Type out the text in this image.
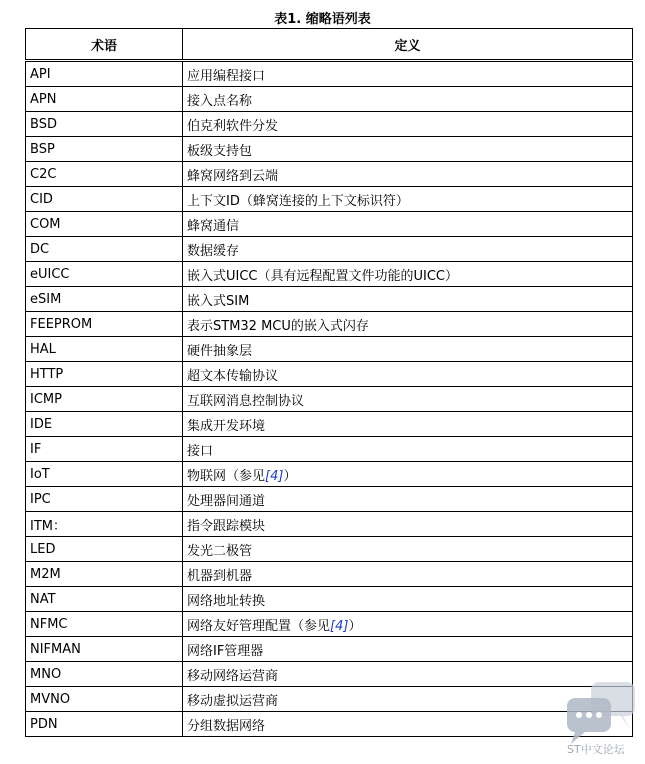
表1. 缩略语列表
术语	定义
API	应用编程接口
APN	接入点名称
BSD	伯克利软件分发
BSP	板级支持包
C2C	蜂窝网络到云端
CID	上下文ID（蜂窝连接的上下文标识符）
COM	蜂窝通信
DC	数据缓存
eUICC	嵌入式UICC（具有远程配置文件功能的UICC）
eSIM	嵌入式SIM
FEEPROM	表示STM32 MCU的嵌入式闪存
HAL	硬件抽象层
HTTP	超文本传输协议
ICMP	互联网消息控制协议
IDE	集成开发环境
IF	接口
IoT	物联网（参见[4]）
IPC	处理器间通道
ITM：	指令跟踪模块
LED	发光二极管
M2M	机器到机器
NAT	网络地址转换
NFMC	网络友好管理配置（参见[4]）
NIFMAN	网络IF管理器
MNO	移动网络运营商
MVNO	移动虚拟运营商
PDN	分组数据网络
ST中文论坛
